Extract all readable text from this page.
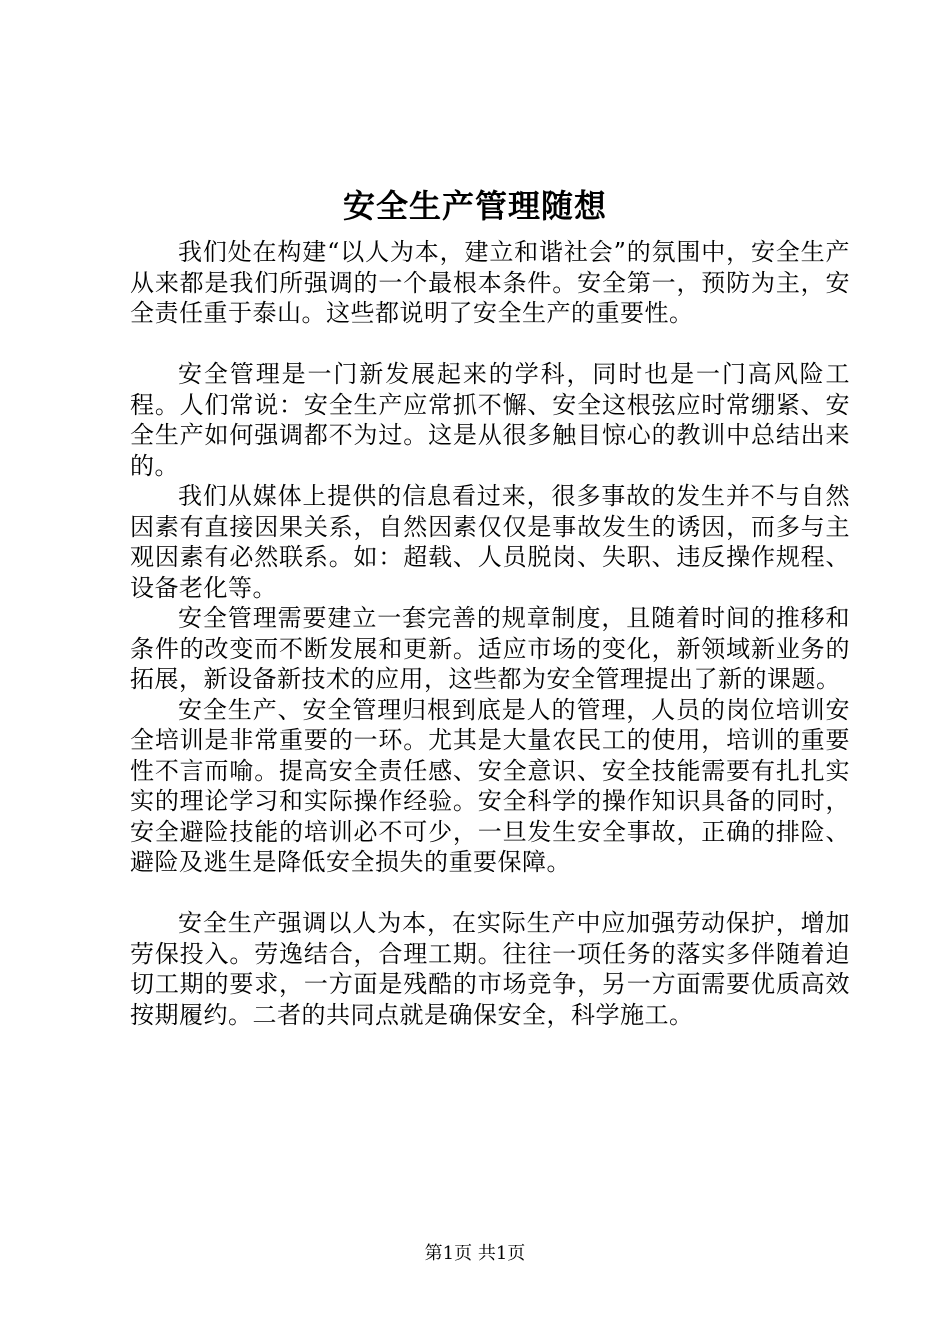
安全生产管理随想

我们处在构建“以人为本，建立和谐社会”的氛围中，安全生产从来都是我们所强调的一个最根本条件。安全第一，预防为主，安全责任重于泰山。这些都说明了安全生产的重要性。

安全管理是一门新发展起来的学科，同时也是一门高风险工程。人们常说：安全生产应常抓不懈、安全这根弦应时常绷紧、安全生产如何强调都不为过。这是从很多触目惊心的教训中总结出来的。

我们从媒体上提供的信息看过来，很多事故的发生并不与自然因素有直接因果关系，自然因素仅仅是事故发生的诱因，而多与主观因素有必然联系。如：超载、人员脱岗、失职、违反操作规程、设备老化等。

安全管理需要建立一套完善的规章制度，且随着时间的推移和条件的改变而不断发展和更新。适应市场的变化，新领域新业务的拓展，新设备新技术的应用，这些都为安全管理提出了新的课题。

安全生产、安全管理归根到底是人的管理，人员的岗位培训安全培训是非常重要的一环。尤其是大量农民工的使用，培训的重要性不言而喻。提高安全责任感、安全意识、安全技能需要有扎扎实实的理论学习和实际操作经验。安全科学的操作知识具备的同时，安全避险技能的培训必不可少，一旦发生安全事故，正确的排险、避险及逃生是降低安全损失的重要保障。

安全生产强调以人为本，在实际生产中应加强劳动保护，增加劳保投入。劳逸结合，合理工期。往往一项任务的落实多伴随着迫切工期的要求，一方面是残酷的市场竞争，另一方面需要优质高效按期履约。二者的共同点就是确保安全，科学施工。

第1页 共1页
